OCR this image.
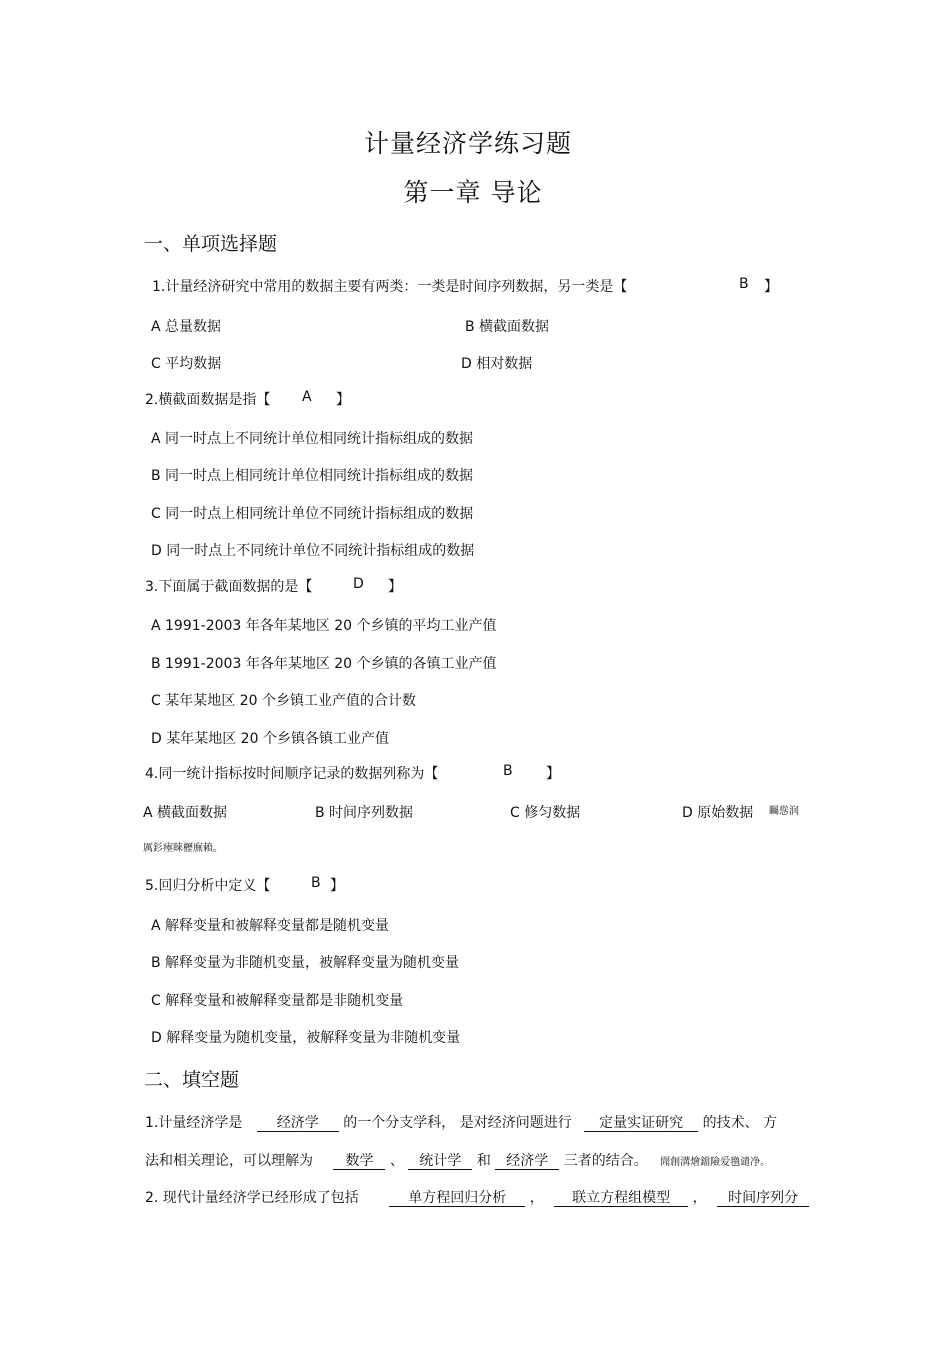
计量经济学练习题
第一章 导论
一、单项选择题
1.计量经济研究中常用的数据主要有两类：一类是时间序列数据，另一类是【	B 】
A 总量数据	B 横截面数据
C 平均数据	D 相对数据
2.横截面数据是指【 A 】
A 同一时点上不同统计单位相同统计指标组成的数据
B 同一时点上相同统计单位相同统计指标组成的数据
C 同一时点上相同统计单位不同统计指标组成的数据
D 同一时点上不同统计单位不同统计指标组成的数据
3.下面属于截面数据的是【	D 】
A 1991-2003 年各年某地区 20 个乡镇的平均工业产值
B 1991-2003 年各年某地区 20 个乡镇的各镇工业产值
C 某年某地区 20 个乡镇工业产值的合计数
D 某年某地区 20 个乡镇各镇工业产值
4.同一统计指标按时间顺序记录的数据列称为【	B 】
A 横截面数据	B 时间序列数据	C 修匀数据	D 原始数据 矚慫润
厲釤瘞睞櫪廡賴。
5.回归分析中定义【	B 】
A 解释变量和被解释变量都是随机变量
B 解释变量为非随机变量，被解释变量为随机变量
C 解释变量和被解释变量都是非随机变量
D 解释变量为随机变量，被解释变量为非随机变量
二、填空题
1.计量经济学是 经济学 的一个分支学科， 是对经济问题进行 定量实证研究 的技术、 方
法和相关理论，可以理解为 数学 、 统计学 和 经济学 三者的结合。 聞創溝燴鐺險爱氇谴净。
2. 现代计量经济学已经形成了包括	单方程回归分析 ， 联立方程组模型 ， 时间序列分
